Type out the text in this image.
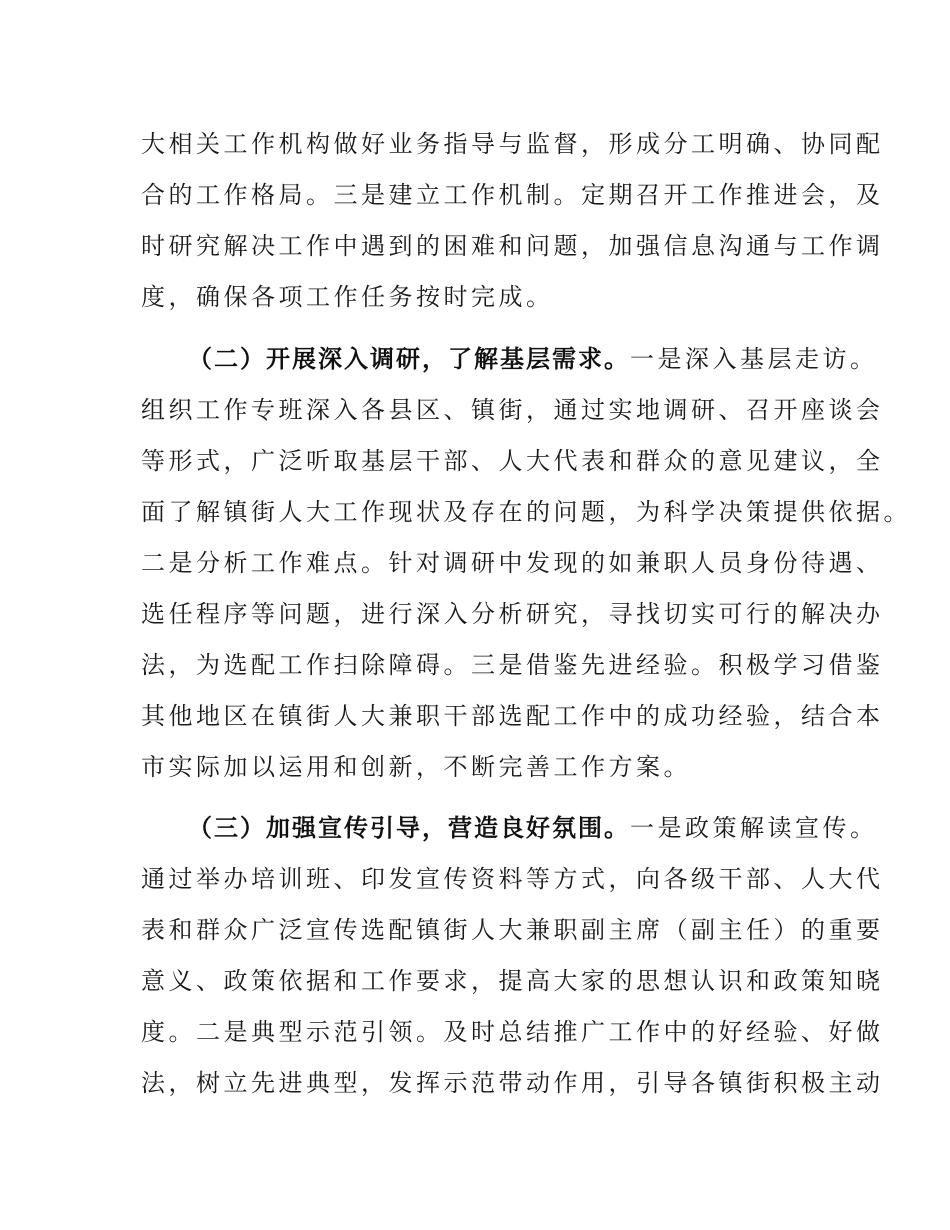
大相关工作机构做好业务指导与监督，形成分工明确、协同配
合的工作格局。三是建立工作机制。定期召开工作推进会，及
时研究解决工作中遇到的困难和问题，加强信息沟通与工作调
度，确保各项工作任务按时完成。
（二）开展深入调研，了解基层需求。一是深入基层走访。
组织工作专班深入各县区、镇街，通过实地调研、召开座谈会
等形式，广泛听取基层干部、人大代表和群众的意见建议，全
面了解镇街人大工作现状及存在的问题，为科学决策提供依据。
二是分析工作难点。针对调研中发现的如兼职人员身份待遇、
选任程序等问题，进行深入分析研究，寻找切实可行的解决办
法，为选配工作扫除障碍。三是借鉴先进经验。积极学习借鉴
其他地区在镇街人大兼职干部选配工作中的成功经验，结合本
市实际加以运用和创新，不断完善工作方案。
（三）加强宣传引导，营造良好氛围。一是政策解读宣传。
通过举办培训班、印发宣传资料等方式，向各级干部、人大代
表和群众广泛宣传选配镇街人大兼职副主席（副主任）的重要
意义、政策依据和工作要求，提高大家的思想认识和政策知晓
度。二是典型示范引领。及时总结推广工作中的好经验、好做
法，树立先进典型，发挥示范带动作用，引导各镇街积极主动
